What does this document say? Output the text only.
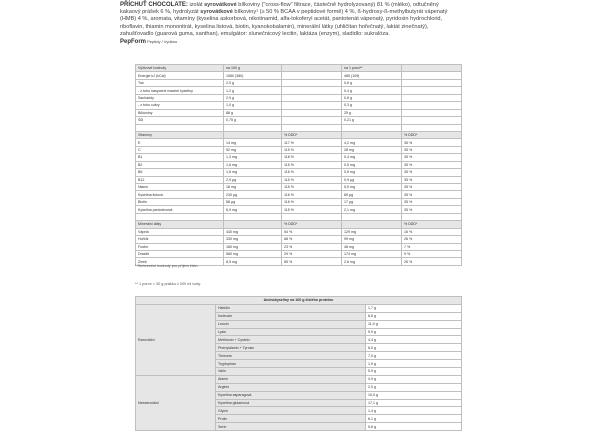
PŘÍCHUŤ CHOCOLATE: izolát syrovátkové bílkoviny ("cross-flow" filtrace, částečně hydrolyzovaný) 81 % (mléko), odtučněný kakaový prášek 6 %, hydrolyzát syrovátkové bílkoviny¹ (≥ 50 % BCAA v peptidové formě) 4 %, ß-hydroxy-ß-methylbutyrát vápenatý (HMB) 4 %, aromata, vitamíny (kyselina askorbová, nikotinamid, alfa-tokoferyl acetát, pantotenát vápenatý, pyridoxin hydrochlorid, riboflavin, thiamin mononitrát, kyselina listová, biotin, kyanokobalamin), minerální látky (uhličitan hořečnatý, laktát zinečnatý), zahušťovadlo (guarová guma, xanthan), emulgátor: slunečnicový lecitin, laktáza (enzym), sladidlo: sukralóza.
PepForm Peptidy / Vydáno
Výživové hodnoty	na 100 g		na 1 porci**	
Energie kJ (kCal)	1580 (380)		465 (109)	
Tuk	2,0 g		0,6 g	
- z toho nasycené mastné kyseliny	1,2 g		0,4 g	
Sacharidy	2,9 g		0,8 g	
- z toho cukry	1,0 g		0,3 g	
Bílkoviny	88 g		25 g	
Sůl	0,75 g		0,21 g	

Vitamíny		% DDD*		% DDD*
E	14 mg	117 %	4,2 mg	35 %
C	92 mg	115 %	28 mg	35 %
B1	1,3 mg	118 %	0,4 mg	35 %
B2	1,6 mg	115 %	0,5 mg	35 %
B6	1,6 mg	116 %	0,5 mg	35 %
B12	2,9 µg	115 %	0,9 µg	35 %
Niacin	18 mg	115 %	5,5 mg	35 %
Kyselina listová	230 µg	116 %	69 µg	35 %
Biotin	58 µg	116 %	17 µg	35 %
Kyselina pantotenová	6,9 mg	115 %	2,1 mg	35 %

Minerální látky		% DDD*		% DDD*
Vápník	430 mg	54 %	129 mg	16 %
Hořčík	330 mg	88 %	99 mg	26 %
Fosfor	160 mg	23 %	48 mg	7 %
Draslík	580 mg	29 %	174 mg	9 %
Zinek	8,5 mg	85 %	2,6 mg	26 %
* Referenční hodnoty pro příjem živin.
** 1 porce = 30 g prášku v 200 ml vody.
Aminokyseliny na 100 g čistého proteinu		
Esenciální	Histidin	1,7 g
	Isoleucin	6,6 g
	Leucin	11,0 g
	Lysin	9,9 g
	Methionin + Cystein	4,4 g
	Phenylalanin + Tyrosin	6,0 g
	Threonin	7,0 g
	Tryptophan	1,9 g
	Valin	5,9 g
Neesenciální	Alanin	4,9 g
	Arginin	2,0 g
	Kyselina asparagová	10,0 g
	Kyselina glutamová	17,1 g
	Glycin	1,4 g
	Prolin	6,1 g
	Serin	5,6 g
